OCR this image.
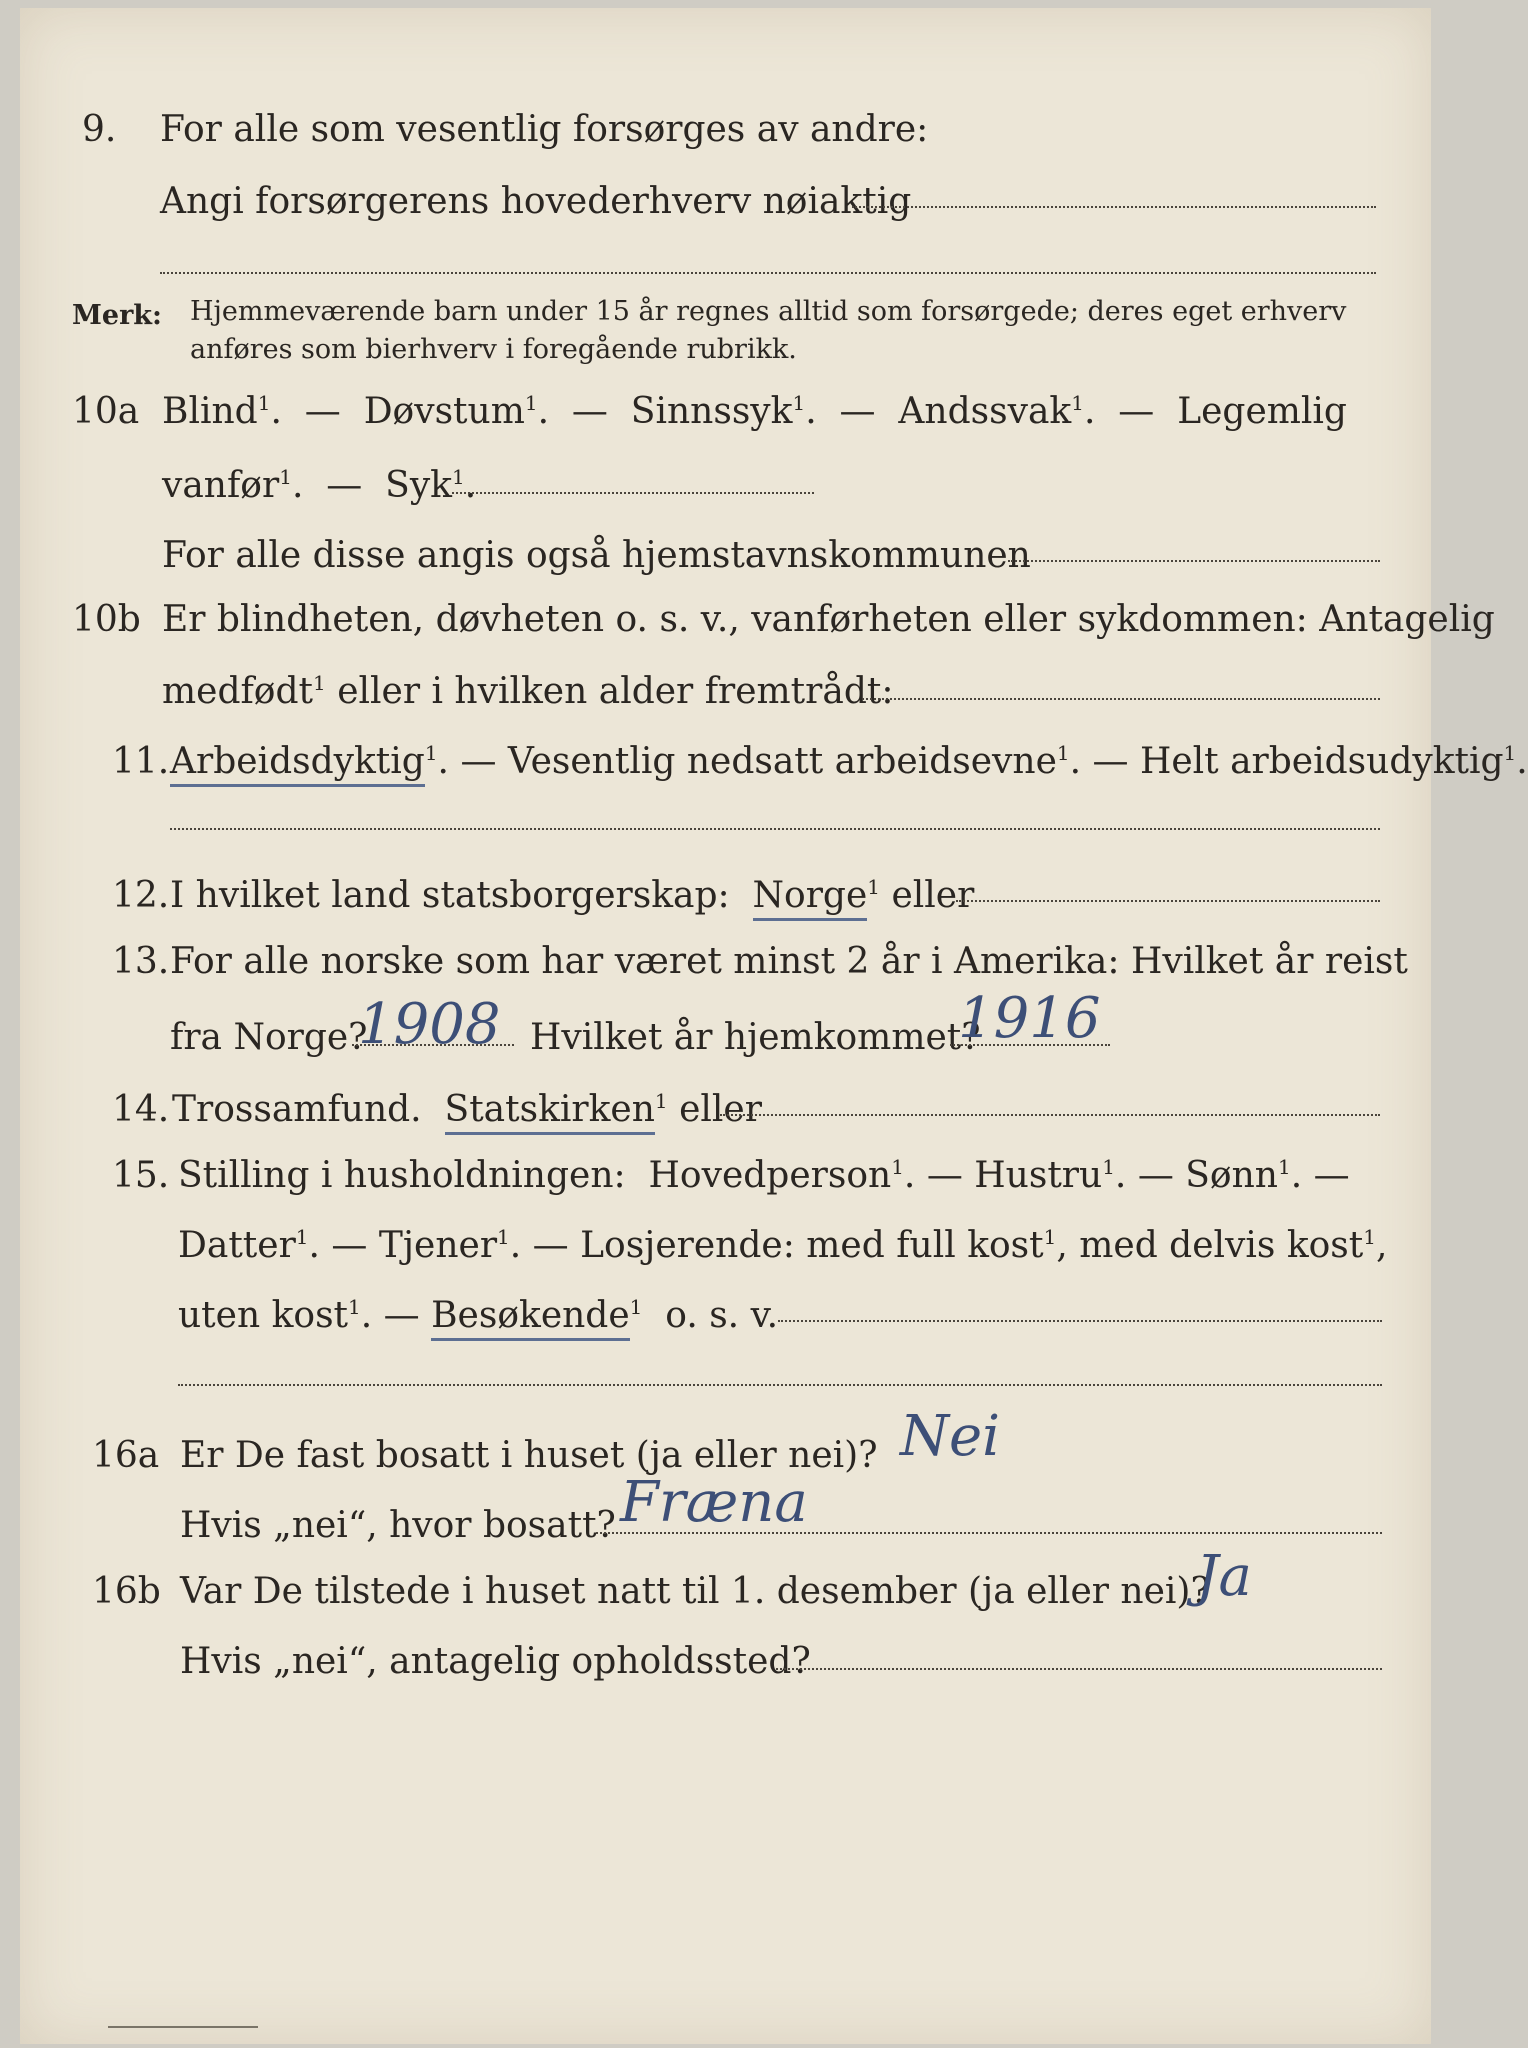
9. For alle som vesentlig forsørges av andre:
Angi forsørgerens hovederhverv nøiaktig
Merk: Hjemmeværende barn under 15 år regnes alltid som forsørgede; deres eget erhverv
anføres som bierhverv i foregående rubrikk.
10a Blind$^1$.  — Døvstum$^1$.  — Sinnssyk$^1$.  — Andssvak$^1$.  — Legemlig
vanfør$^1$.  — Syk$^1$.
For alle disse angis også hjemstavnskommunen
10b Er blindheten, døvheten o. s. v., vanførheten eller sykdommen: Antagelig
medfødt$^1$ eller i hvilken alder fremtrådt:
11. Arbeidsdyktig$^1$. — Vesentlig nedsatt arbeidsevne$^1$. — Helt arbeidsudyktig$^1$.
12. I hvilket land statsborgerskap: Norge$^1$ eller
13. For alle norske som har været minst 2 år i Amerika: Hvilket år reist
fra Norge?	Hvilket år hjemkommet?
1908	1916
14. Trossamfund. Statskirken$^1$ eller
15. Stilling i husholdningen: Hovedperson$^1$. — Hustru$^1$. — Sønn$^1$. —
Datter$^1$. — Tjener$^1$. — Losjerende: med full kost$^1$, med delvis kost$^1$,
uten kost$^1$. — Besøkende$^1$ o. s. v.
16a Er De fast bosatt i huset (ja eller nei)? Nei
Hvis „nei“, hvor bosatt? Fræna
16b Var De tilstede i huset natt til 1. desember (ja eller nei)?
Ja
Hvis „nei“, antagelig opholdssted?
